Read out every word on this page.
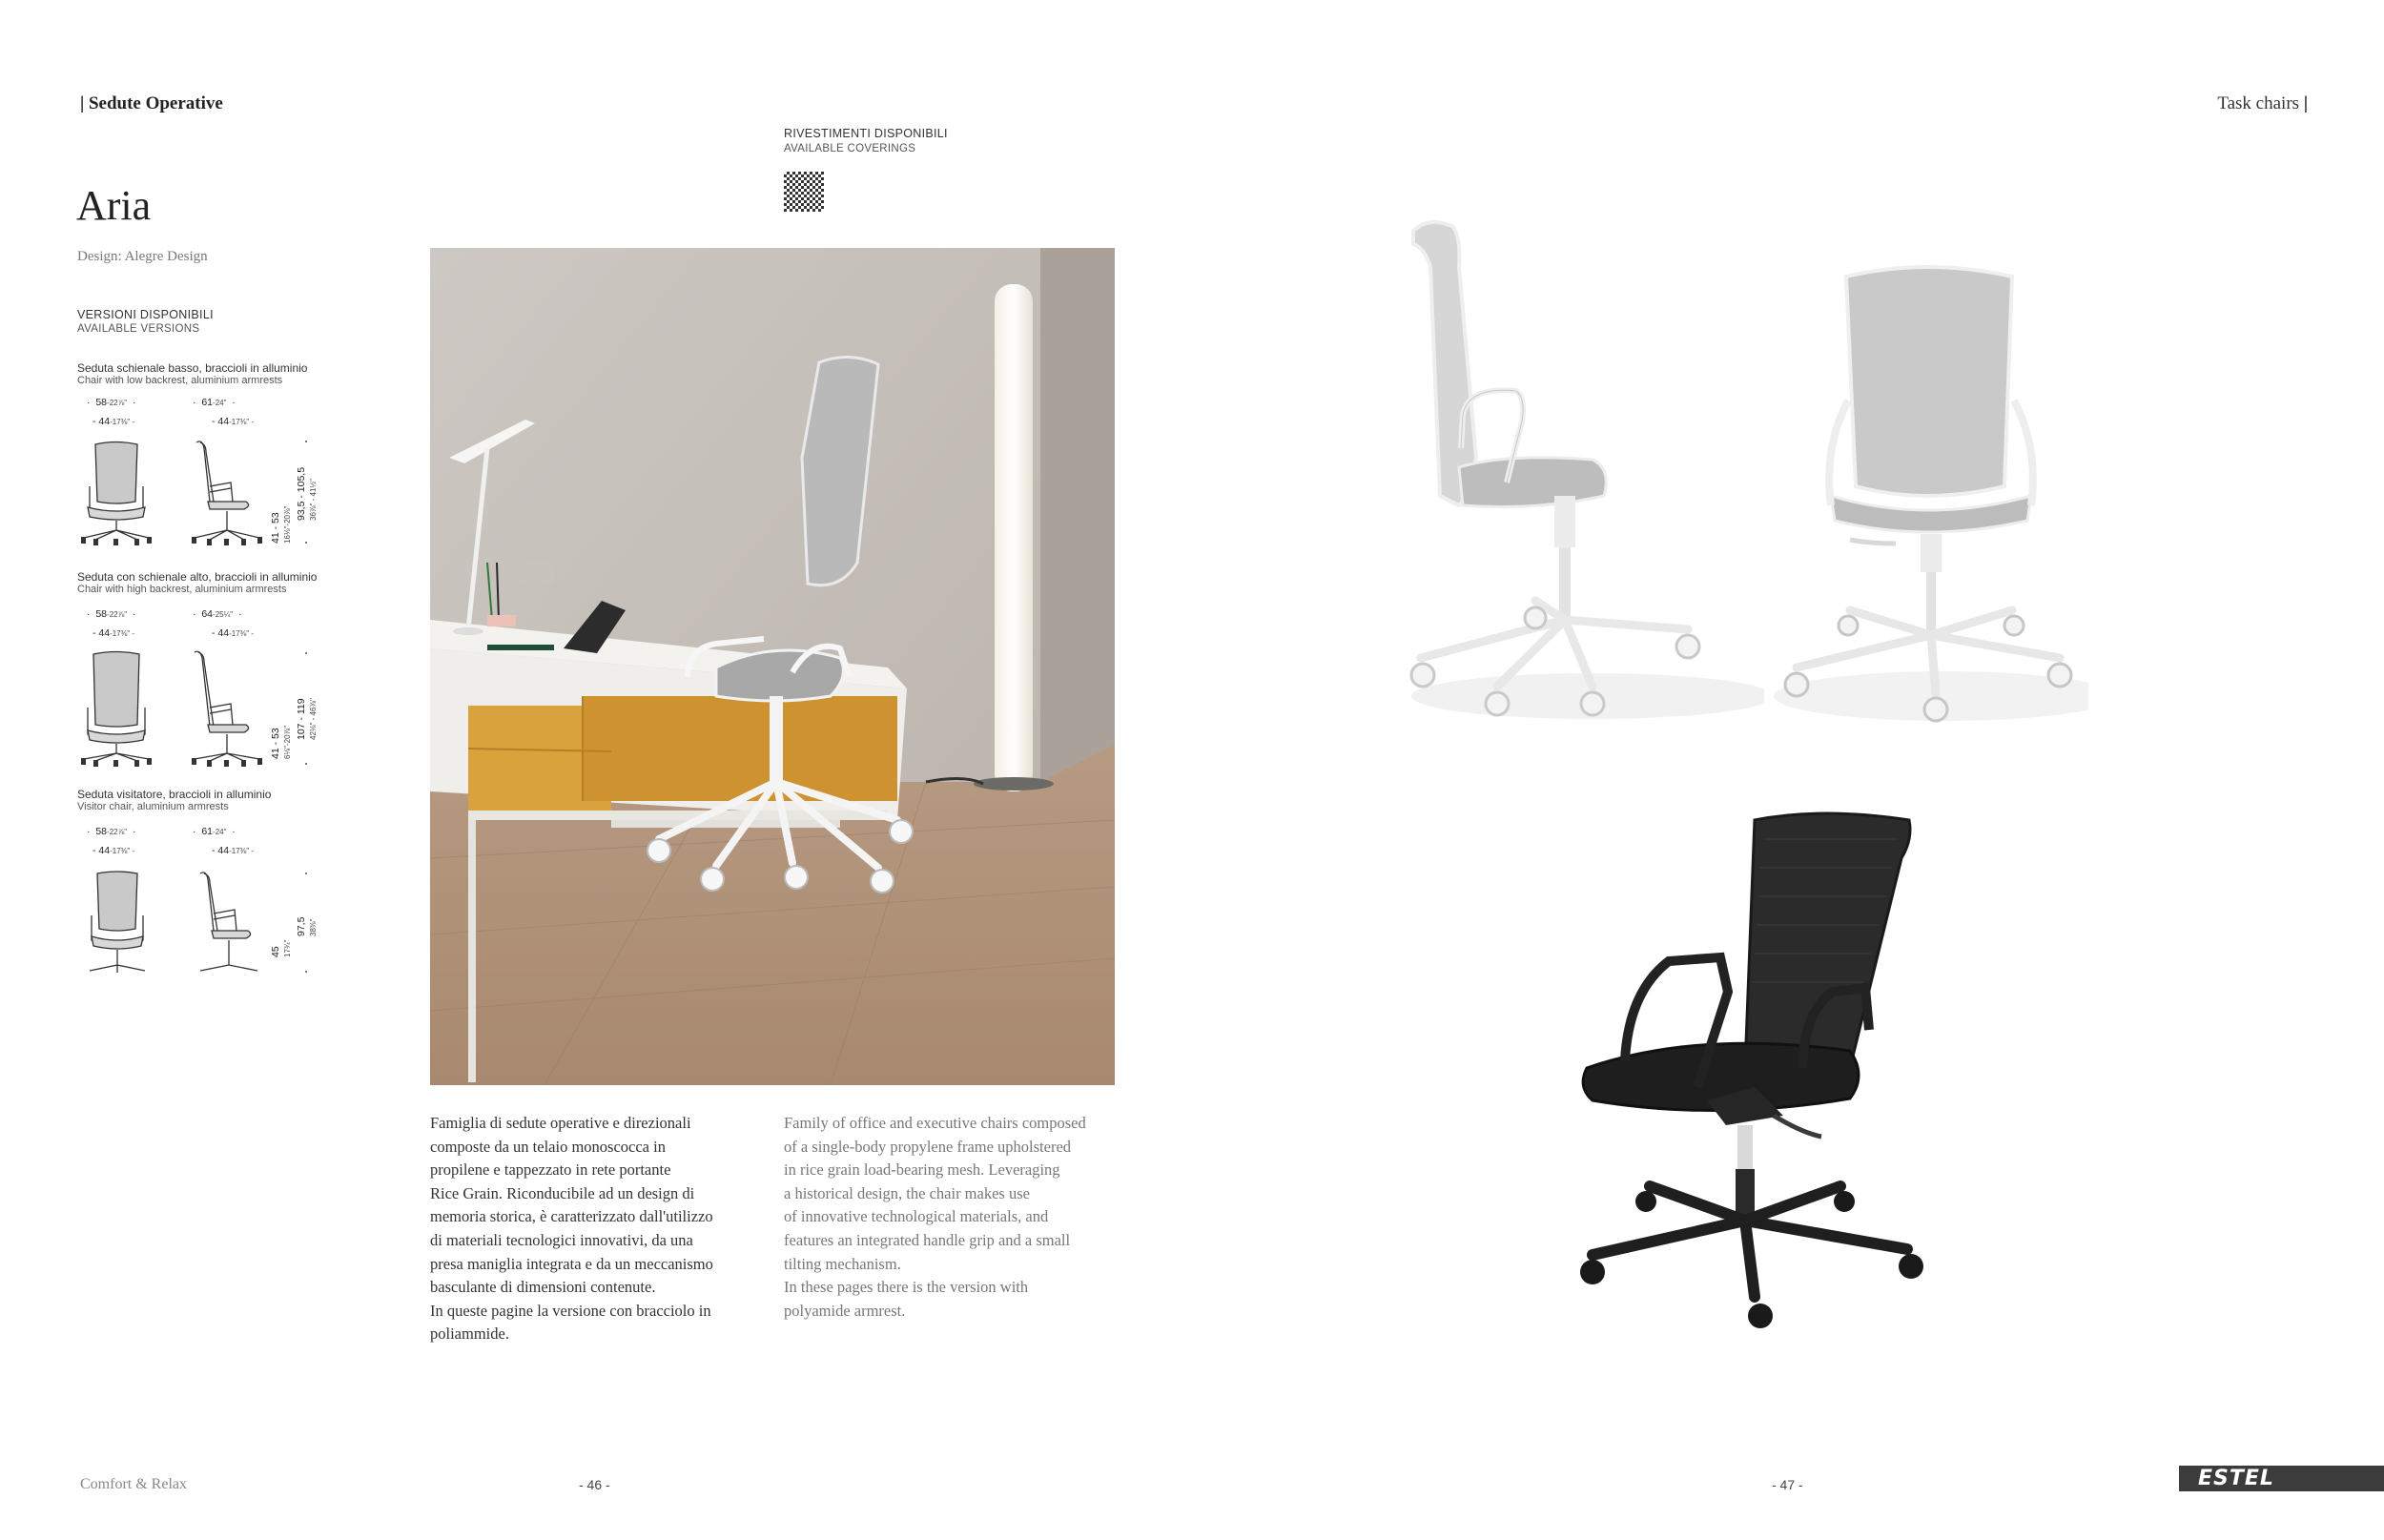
| Sedute Operative	Task chairs |
Aria
Design: Alegre Design
VERSIONI DISPONIBILI
AVAILABLE VERSIONS
RIVESTIMENTI DISPONIBILI
AVAILABLE COVERINGS
Seduta schienale basso, braccioli in alluminio
Chair with low backrest, aluminium armrests
·  58-22⅞"  ·
- 44-17⅜" -
·  61-24"  ·
- 44-17⅜" -
41 - 53 16⅛"-20⅞"
93,5 - 105,5 36⅞" - 41½"
Seduta con schienale alto, braccioli in alluminio
Chair with high backrest, aluminium armrests
·  58-22⅞"  ·
- 44-17⅜" -
·  64-25¼"  ·
- 44-17⅜" -
41 - 53 6⅛"-20⅞"
107 - 119 42⅛" - 46⅞"
Seduta visitatore, braccioli in alluminio
Visitor chair, aluminium armrests
·  58-22⅞"  ·
- 44-17⅜" -
·  61-24"  ·
- 44-17⅜" -
45 17¾"
97,5 38⅜"
Famiglia di sedute operative e direzionali
composte da un telaio monoscocca in
propilene e tappezzato in rete portante
Rice Grain. Riconducibile ad un design di
memoria storica, è caratterizzato dall'utilizzo
di materiali tecnologici innovativi, da una
presa maniglia integrata e da un meccanismo
basculante di dimensioni contenute.
In queste pagine la versione con bracciolo in
poliammide.
Family of office and executive chairs composed
of a single-body propylene frame upholstered
in rice grain load-bearing mesh. Leveraging
a historical design, the chair makes use
of innovative technological materials, and
features an integrated handle grip and a small
tilting mechanism.
In these pages there is the version with
polyamide armrest.
Comfort & Relax	- 46 -	- 47 -	ESTEL
